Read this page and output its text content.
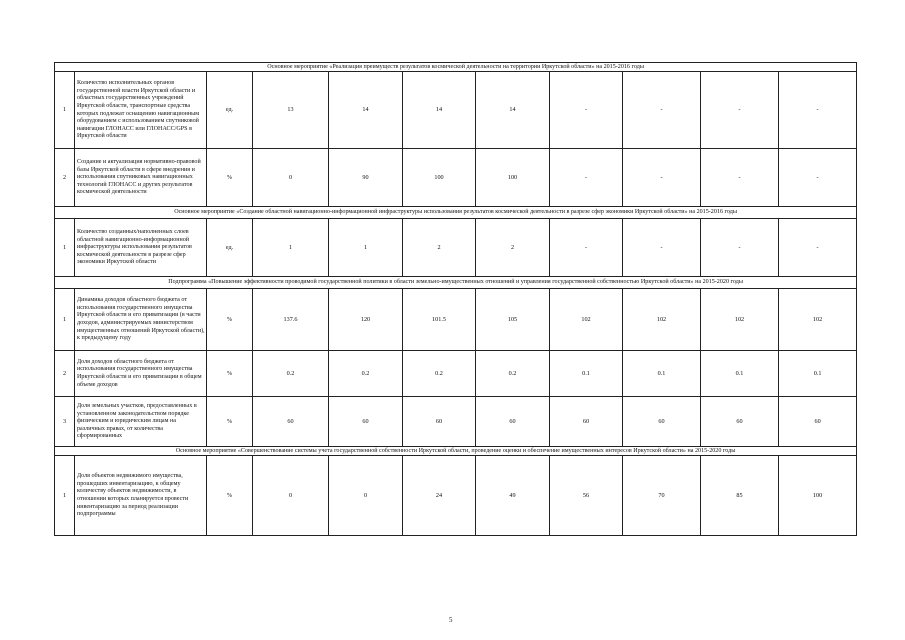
Основное мероприятие «Реализация преимуществ результатов космической деятельности на территории Иркутской области» на 2015-2016 годы										
1	Количество исполнительных органов государственной власти Иркутской области и областных государственных учреждений Иркутской области, транспортные средства которых подлежат оснащению навигационным оборудованием с использованием спутниковой навигации ГЛОНАСС или ГЛОНАСС/GPS в Иркутской области	ед.	13	14	14	14	-	-	-	-
2	Создание и актуализация нормативно-правовой базы Иркутской области в сфере внедрения и использования спутниковых навигационных технологий ГЛОНАСС и других результатов космической деятельности	%	0	90	100	100	-	-	-	-
Основное мероприятие «Создание областной навигационно-информационной инфраструктуры использования результатов космической деятельности в разрезе сфер экономики Иркутской области» на 2015-2016 годы										
1	Количество созданных/наполненных слоев областной навигационно-информационной инфраструктуры использования результатов космической деятельности в разрезе сфер экономики Иркутской области	ед.	1	1	2	2	-	-	-	-
Подпрограмма «Повышение эффективности проводимой государственной политики в области земельно-имущественных отношений и управления государственной собственностью Иркутской области» на 2015-2020 годы										
1	Динамика доходов областного бюджета от использования государственного имущества Иркутской области и его приватизации (в части доходов, администрируемых министерством имущественных отношений Иркутской области), к предыдущему году	%	137.6	120	101.5	105	102	102	102	102
2	Доля доходов областного бюджета от использования государственного имущества Иркутской области и его приватизации в общем объеме доходов	%	0.2	0.2	0.2	0.2	0.1	0.1	0.1	0.1
3	Доля земельных участков, предоставленных в установленном законодательством порядке физическим и юридическим лицам на различных правах, от количества сформированных	%	60	60	60	60	60	60	60	60
Основное мероприятие «Совершенствование системы учета государственной собственности Иркутской области, проведение оценки и обеспечение имущественных интересов Иркутской области» на 2015-2020 годы										
1	Доля объектов недвижимого имущества, прошедших инвентаризацию, к общему количеству объектов недвижимости, в отношении которых планируется провести инвентаризацию за период реализации подпрограммы	%	0	0	24	49	56	70	85	100
5
